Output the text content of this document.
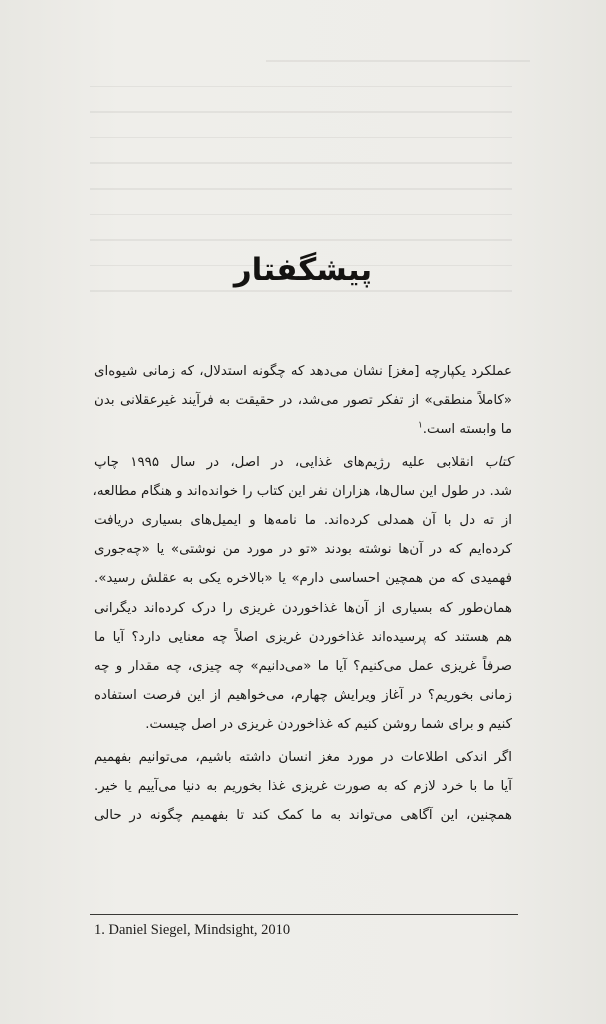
پیشگفتار

عملکرد یکپارچه [مغز] نشان می‌دهد که چگونه استدلال، که زمانی شیوه‌ای
«کاملاً منطقی» از تفکر تصور می‌شد، در حقیقت به فرآیند غیرعقلانی بدن
ما وابسته است.$^۱$

کتاب انقلابی علیه رژیم‌های غذایی، در اصل، در سال ۱۹۹۵ چاپ
شد. در طول این سال‌ها، هزاران نفر این کتاب را خوانده‌اند و هنگام مطالعه،
از ته دل با آن همدلی کرده‌اند. ما نامه‌ها و ایمیل‌های بسیاری دریافت
کرده‌ایم که در آن‌ها نوشته بودند «تو در مورد من نوشتی» یا «چه‌جوری
فهمیدی که من همچین احساسی دارم» یا «بالاخره یکی به عقلش رسید».
همان‌طور که بسیاری از آن‌ها غذاخوردن غریزی را درک کرده‌اند دیگرانی
هم هستند که پرسیده‌اند غذاخوردن غریزی اصلاً چه معنایی دارد؟ آیا ما
صرفاً غریزی عمل می‌کنیم؟ آیا ما «می‌دانیم» چه چیزی، چه مقدار و چه
زمانی بخوریم؟ در آغاز ویرایش چهارم، می‌خواهیم از این فرصت استفاده
کنیم و برای شما روشن کنیم که غذاخوردن غریزی در اصل چیست.

اگر اندکی اطلاعات در مورد مغز انسان داشته باشیم، می‌توانیم بفهمیم
آیا ما با خرد لازم که به صورت غریزی غذا بخوریم به دنیا می‌آییم یا خیر.
همچنین، این آگاهی می‌تواند به ما کمک کند تا بفهمیم چگونه در حالی

1. Daniel Siegel, Mindsight, 2010
